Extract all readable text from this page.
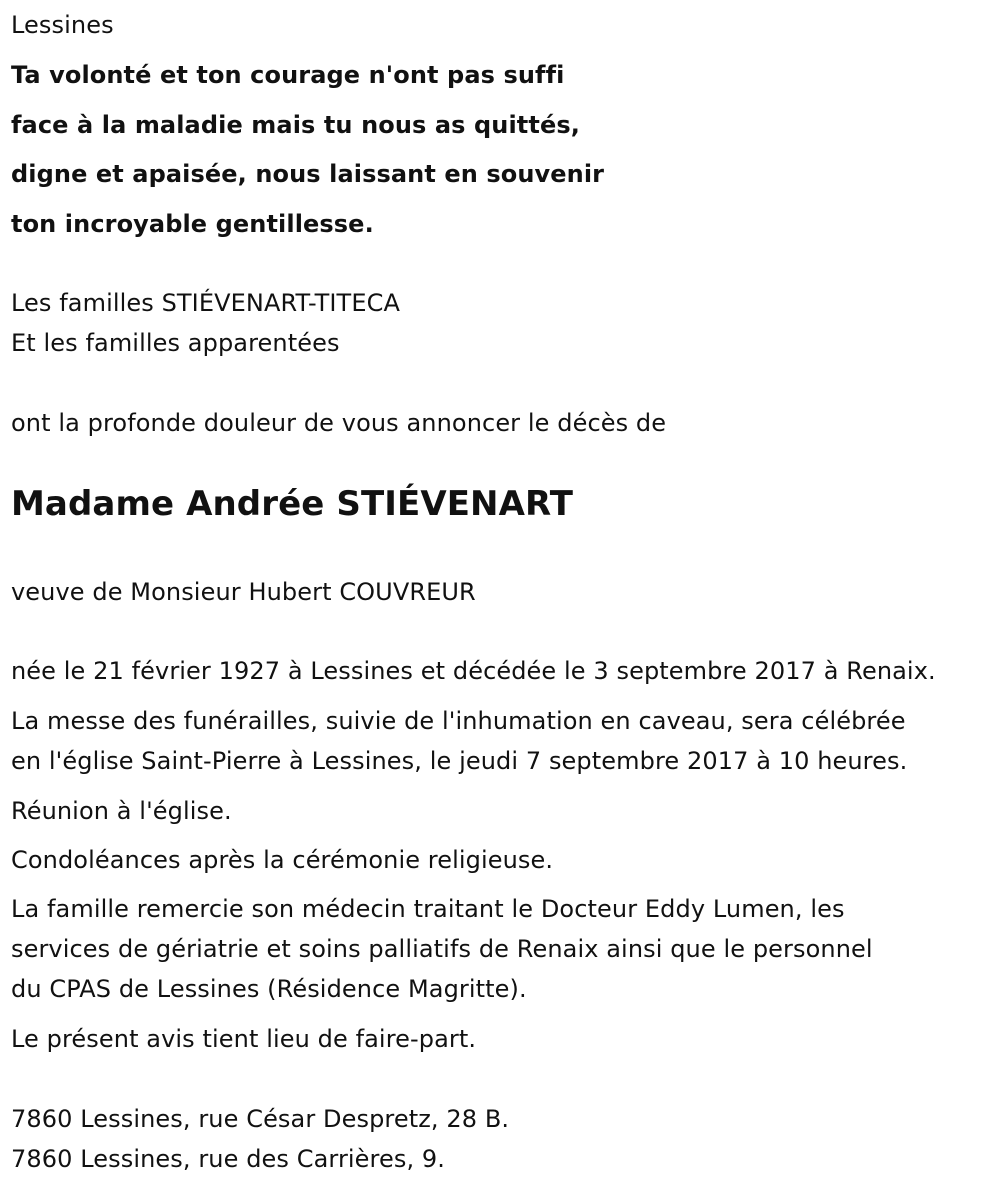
Lessines
Ta volonté et ton courage n'ont pas suffi
face à la maladie mais tu nous as quittés,
digne et apaisée, nous laissant en souvenir
ton incroyable gentillesse.
Les familles STIÉVENART-TITECA
Et les familles apparentées
ont la profonde douleur de vous annoncer le décès de
Madame Andrée STIÉVENART
veuve de Monsieur Hubert COUVREUR
née le 21 février 1927 à Lessines et décédée le 3 septembre 2017 à Renaix.
La messe des funérailles, suivie de l'inhumation en caveau, sera célébrée
en l'église Saint-Pierre à Lessines, le jeudi 7 septembre 2017 à 10 heures.
Réunion à l'église.
Condoléances après la cérémonie religieuse.
La famille remercie son médecin traitant le Docteur Eddy Lumen, les
services de gériatrie et soins palliatifs de Renaix ainsi que le personnel
du CPAS de Lessines (Résidence Magritte).
Le présent avis tient lieu de faire-part.
7860 Lessines, rue César Despretz, 28 B.
7860 Lessines, rue des Carrières, 9.
